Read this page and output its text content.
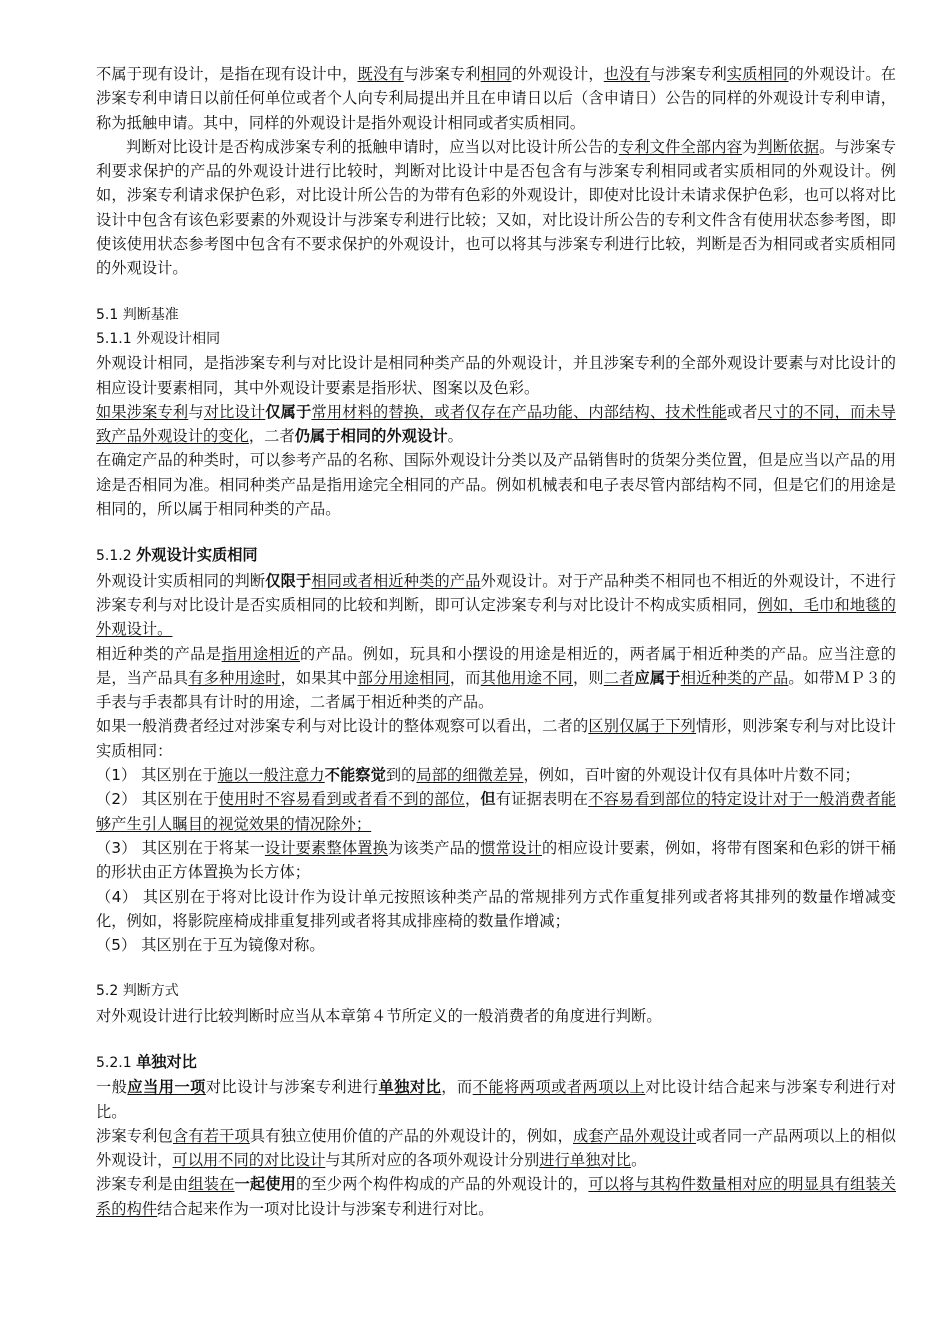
不属于现有设计，是指在现有设计中，既没有与涉案专利相同的外观设计，也没有与涉案专利实质相同的外观设计。在涉案专利申请日以前任何单位或者个人向专利局提出并且在申请日以后（含申请日）公告的同样的外观设计专利申请，称为抵触申请。其中，同样的外观设计是指外观设计相同或者实质相同。

判断对比设计是否构成涉案专利的抵触申请时，应当以对比设计所公告的专利文件全部内容为判断依据。与涉案专利要求保护的产品的外观设计进行比较时，判断对比设计中是否包含有与涉案专利相同或者实质相同的外观设计。例如，涉案专利请求保护色彩，对比设计所公告的为带有色彩的外观设计，即使对比设计未请求保护色彩，也可以将对比设计中包含有该色彩要素的外观设计与涉案专利进行比较；又如，对比设计所公告的专利文件含有使用状态参考图，即使该使用状态参考图中包含有不要求保护的外观设计，也可以将其与涉案专利进行比较，判断是否为相同或者实质相同的外观设计。

5.1 判断基准

5.1.1 外观设计相同

外观设计相同，是指涉案专利与对比设计是相同种类产品的外观设计，并且涉案专利的全部外观设计要素与对比设计的相应设计要素相同，其中外观设计要素是指形状、图案以及色彩。

如果涉案专利与对比设计仅属于常用材料的替换，或者仅存在产品功能、内部结构、技术性能或者尺寸的不同，而未导致产品外观设计的变化，二者仍属于相同的外观设计。

在确定产品的种类时，可以参考产品的名称、国际外观设计分类以及产品销售时的货架分类位置，但是应当以产品的用途是否相同为准。相同种类产品是指用途完全相同的产品。例如机械表和电子表尽管内部结构不同，但是它们的用途是相同的，所以属于相同种类的产品。

5.1.2 外观设计实质相同

外观设计实质相同的判断仅限于相同或者相近种类的产品外观设计。对于产品种类不相同也不相近的外观设计，不进行涉案专利与对比设计是否实质相同的比较和判断，即可认定涉案专利与对比设计不构成实质相同，例如，毛巾和地毯的外观设计。

相近种类的产品是指用途相近的产品。例如，玩具和小摆设的用途是相近的，两者属于相近种类的产品。应当注意的是，当产品具有多种用途时，如果其中部分用途相同，而其他用途不同，则二者应属于相近种类的产品。如带ＭＰ３的手表与手表都具有计时的用途，二者属于相近种类的产品。

如果一般消费者经过对涉案专利与对比设计的整体观察可以看出，二者的区别仅属于下列情形，则涉案专利与对比设计实质相同：

（1） 其区别在于施以一般注意力不能察觉到的局部的细微差异，例如，百叶窗的外观设计仅有具体叶片数不同；

（2） 其区别在于使用时不容易看到或者看不到的部位，但有证据表明在不容易看到部位的特定设计对于一般消费者能够产生引人瞩目的视觉效果的情况除外；

（3） 其区别在于将某一设计要素整体置换为该类产品的惯常设计的相应设计要素，例如，将带有图案和色彩的饼干桶的形状由正方体置换为长方体；

（4） 其区别在于将对比设计作为设计单元按照该种类产品的常规排列方式作重复排列或者将其排列的数量作增减变化，例如，将影院座椅成排重复排列或者将其成排座椅的数量作增减；

（5） 其区别在于互为镜像对称。

5.2 判断方式

对外观设计进行比较判断时应当从本章第４节所定义的一般消费者的角度进行判断。

5.2.1 单独对比

一般应当用一项对比设计与涉案专利进行单独对比，而不能将两项或者两项以上对比设计结合起来与涉案专利进行对比。

涉案专利包含有若干项具有独立使用价值的产品的外观设计的，例如，成套产品外观设计或者同一产品两项以上的相似外观设计，可以用不同的对比设计与其所对应的各项外观设计分别进行单独对比。

涉案专利是由组装在一起使用的至少两个构件构成的产品的外观设计的，可以将与其构件数量相对应的明显具有组装关系的构件结合起来作为一项对比设计与涉案专利进行对比。
